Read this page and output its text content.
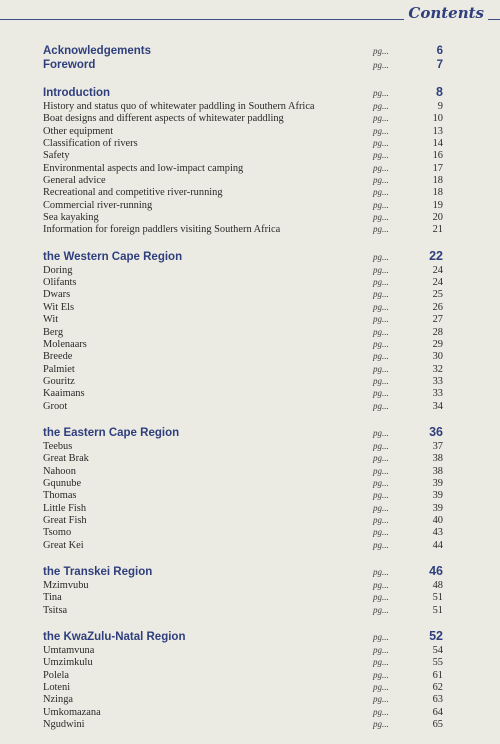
Contents
Acknowledgements	pg...	6
Foreword	pg...	7
Introduction	pg...	8
History and status quo of whitewater paddling in Southern Africa	pg...	9
Boat designs and different aspects of whitewater paddling	pg...	10
Other equipment	pg...	13
Classification of rivers	pg...	14
Safety	pg...	16
Environmental aspects and low-impact camping	pg...	17
General advice	pg...	18
Recreational and competitive river-running	pg...	18
Commercial river-running	pg...	19
Sea kayaking	pg...	20
Information for foreign paddlers visiting Southern Africa	pg...	21
the Western Cape Region	pg...	22
Doring	pg...	24
Olifants	pg...	24
Dwars	pg...	25
Wit Els	pg...	26
Wit	pg...	27
Berg	pg...	28
Molenaars	pg...	29
Breede	pg...	30
Palmiet	pg...	32
Gouritz	pg...	33
Kaaimans	pg...	33
Groot	pg...	34
the Eastern Cape Region	pg...	36
Teebus	pg...	37
Great Brak	pg...	38
Nahoon	pg...	38
Gqunube	pg...	39
Thomas	pg...	39
Little Fish	pg...	39
Great Fish	pg...	40
Tsomo	pg...	43
Great Kei	pg...	44
the Transkei Region	pg...	46
Mzimvubu	pg...	48
Tina	pg...	51
Tsitsa	pg...	51
the KwaZulu-Natal Region	pg...	52
Umtamvuna	pg...	54
Umzimkulu	pg...	55
Polela	pg...	61
Loteni	pg...	62
Nzinga	pg...	63
Umkomazana	pg...	64
Ngudwini	pg...	65
